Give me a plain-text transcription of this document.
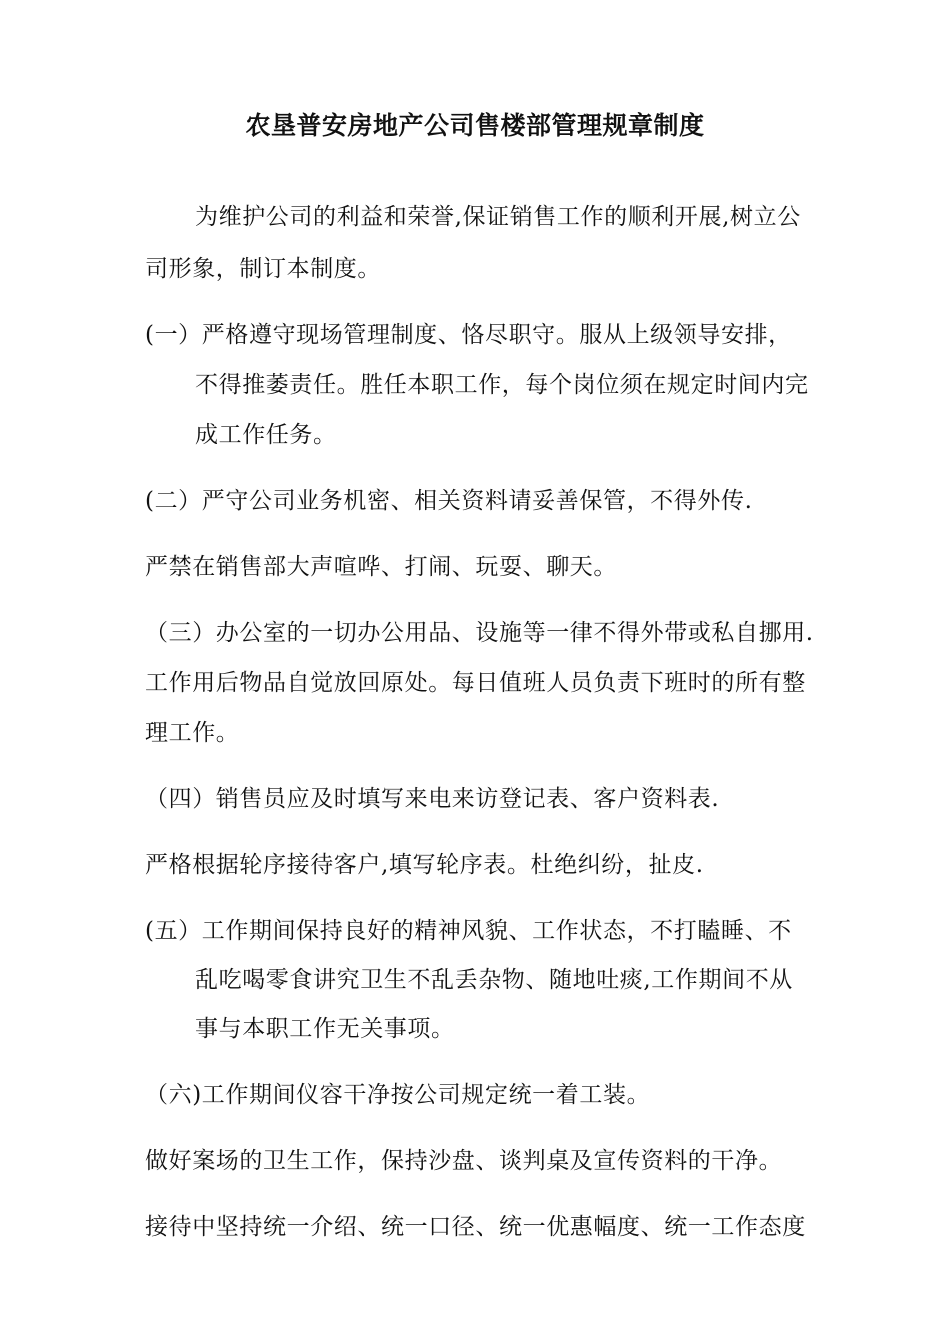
农垦普安房地产公司售楼部管理规章制度
为维护公司的利益和荣誉,保证销售工作的顺利开展,树立公
司形象，制订本制度。
(一）严格遵守现场管理制度、恪尽职守。服从上级领导安排，
不得推萎责任。胜任本职工作，每个岗位须在规定时间内完
成工作任务。
(二）严守公司业务机密、相关资料请妥善保管，不得外传.
严禁在销售部大声喧哗、打闹、玩耍、聊天。
（三）办公室的一切办公用品、设施等一律不得外带或私自挪用.
工作用后物品自觉放回原处。每日值班人员负责下班时的所有整
理工作。
（四）销售员应及时填写来电来访登记表、客户资料表.
严格根据轮序接待客户,填写轮序表。杜绝纠纷，扯皮.
(五）工作期间保持良好的精神风貌、工作状态，不打瞌睡、不
乱吃喝零食讲究卫生不乱丢杂物、随地吐痰,工作期间不从
事与本职工作无关事项。
（六)工作期间仪容干净按公司规定统一着工装。
做好案场的卫生工作，保持沙盘、谈判桌及宣传资料的干净。
接待中坚持统一介绍、统一口径、统一优惠幅度、统一工作态度
